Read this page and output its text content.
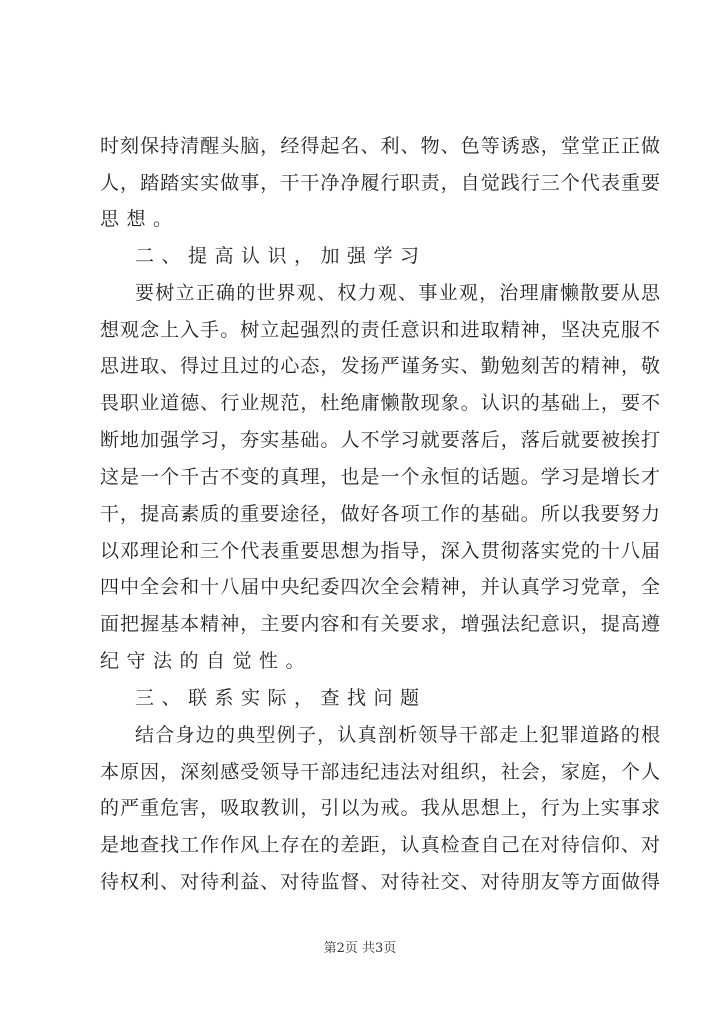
时刻保持清醒头脑，经得起名、利、物、色等诱惑，堂堂正正做
人，踏踏实实做事，干干净净履行职责，自觉践行三个代表重要
思想。
二、提高认识，加强学习
要树立正确的世界观、权力观、事业观，治理庸懒散要从思
想观念上入手。树立起强烈的责任意识和进取精神，坚决克服不
思进取、得过且过的心态，发扬严谨务实、勤勉刻苦的精神，敬
畏职业道德、行业规范，杜绝庸懒散现象。认识的基础上，要不
断地加强学习，夯实基础。人不学习就要落后，落后就要被挨打
这是一个千古不变的真理，也是一个永恒的话题。学习是增长才
干，提高素质的重要途径，做好各项工作的基础。所以我要努力
以邓理论和三个代表重要思想为指导，深入贯彻落实党的十八届
四中全会和十八届中央纪委四次全会精神，并认真学习党章，全
面把握基本精神，主要内容和有关要求，增强法纪意识，提高遵
纪守法的自觉性。
三、联系实际，查找问题
结合身边的典型例子，认真剖析领导干部走上犯罪道路的根
本原因，深刻感受领导干部违纪违法对组织，社会，家庭，个人
的严重危害，吸取教训，引以为戒。我从思想上，行为上实事求
是地查找工作作风上存在的差距，认真检查自己在对待信仰、对
待权利、对待利益、对待监督、对待社交、对待朋友等方面做得
第2页 共3页
